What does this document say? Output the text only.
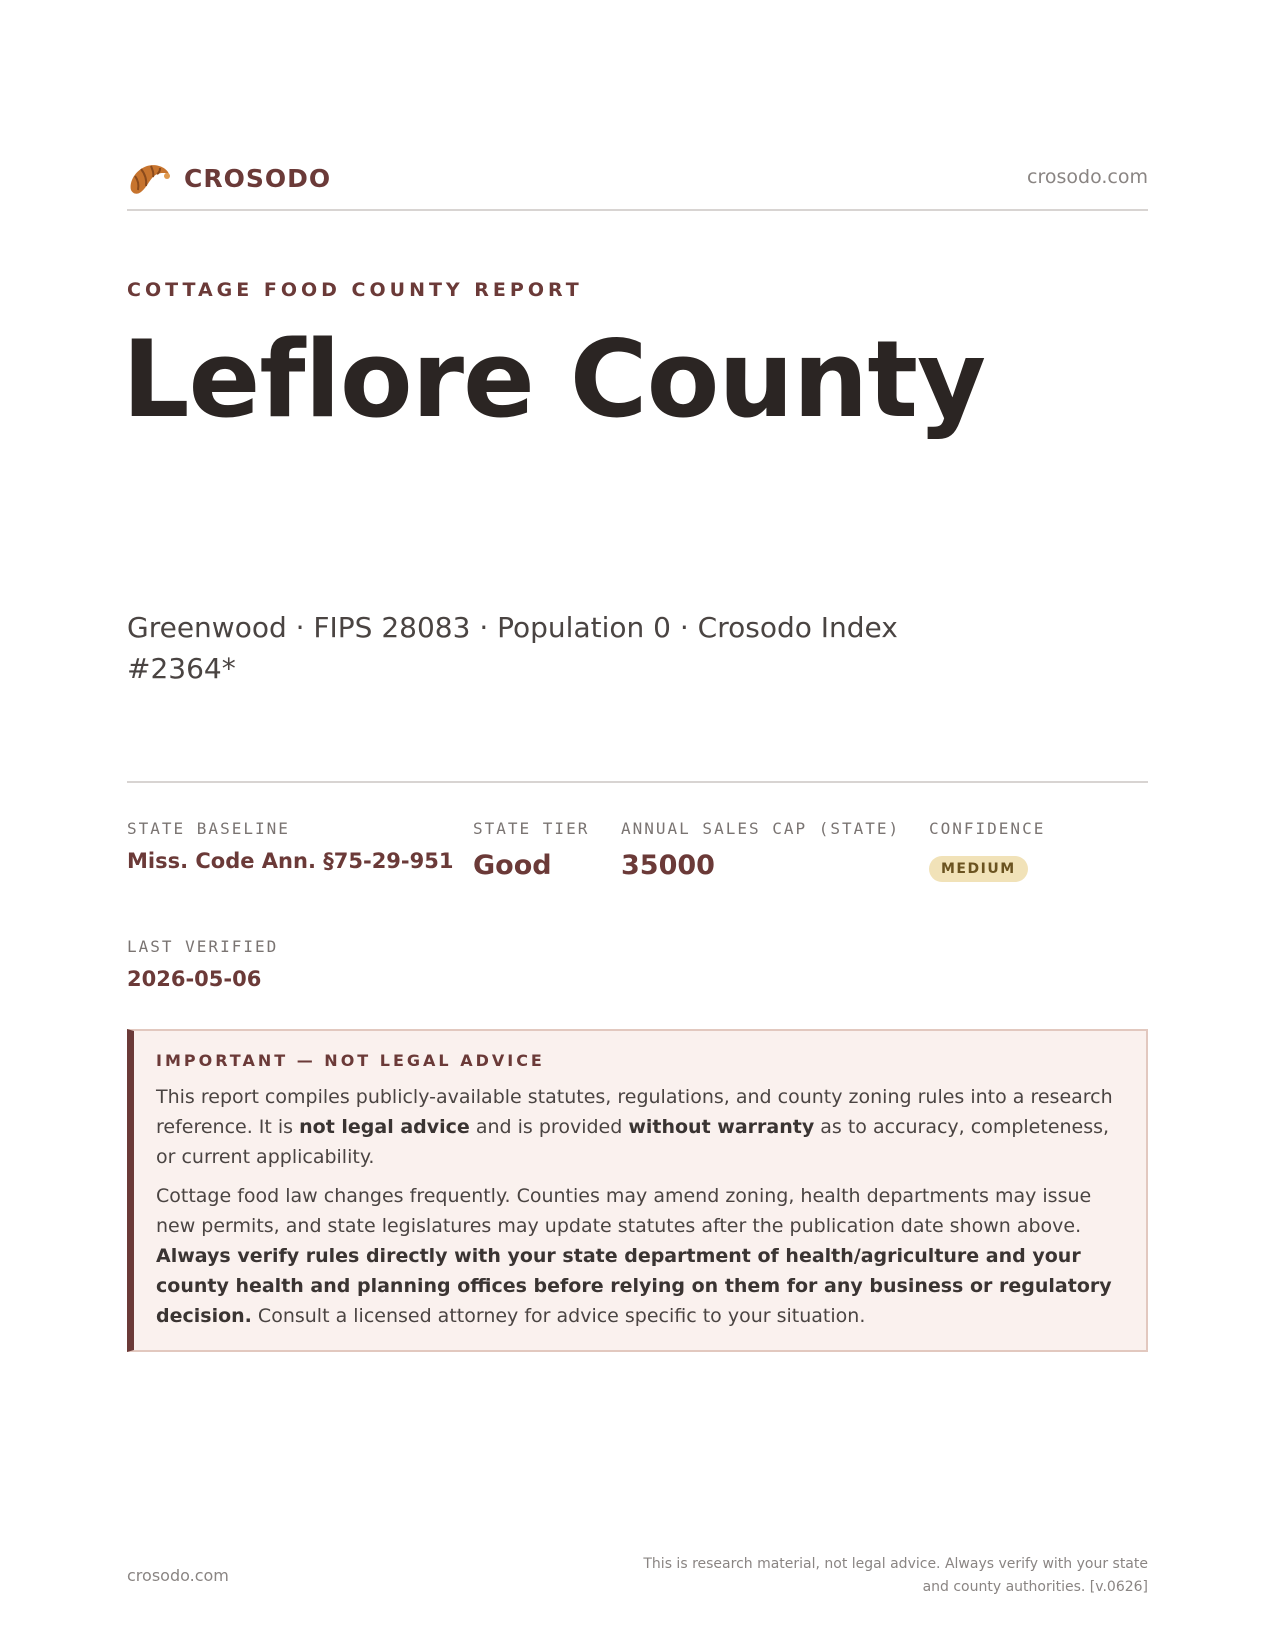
CROSODO	crosodo.com
COTTAGE FOOD COUNTY REPORT
Leflore County
Greenwood · FIPS 28083 · Population 0 · Crosodo Index #2364*
STATE BASELINE
Miss. Code Ann. §75-29-951
STATE TIER
Good
ANNUAL SALES CAP (STATE)
35000
CONFIDENCE
MEDIUM
LAST VERIFIED
2026-05-06
IMPORTANT — NOT LEGAL ADVICE

This report compiles publicly-available statutes, regulations, and county zoning rules into a research reference. It is not legal advice and is provided without warranty as to accuracy, completeness, or current applicability.

Cottage food law changes frequently. Counties may amend zoning, health departments may issue new permits, and state legislatures may update statutes after the publication date shown above. Always verify rules directly with your state department of health/agriculture and your county health and planning offices before relying on them for any business or regulatory decision. Consult a licensed attorney for advice specific to your situation.

crosodo.com
This is research material, not legal advice. Always verify with your state
and county authorities. [v.0626]
